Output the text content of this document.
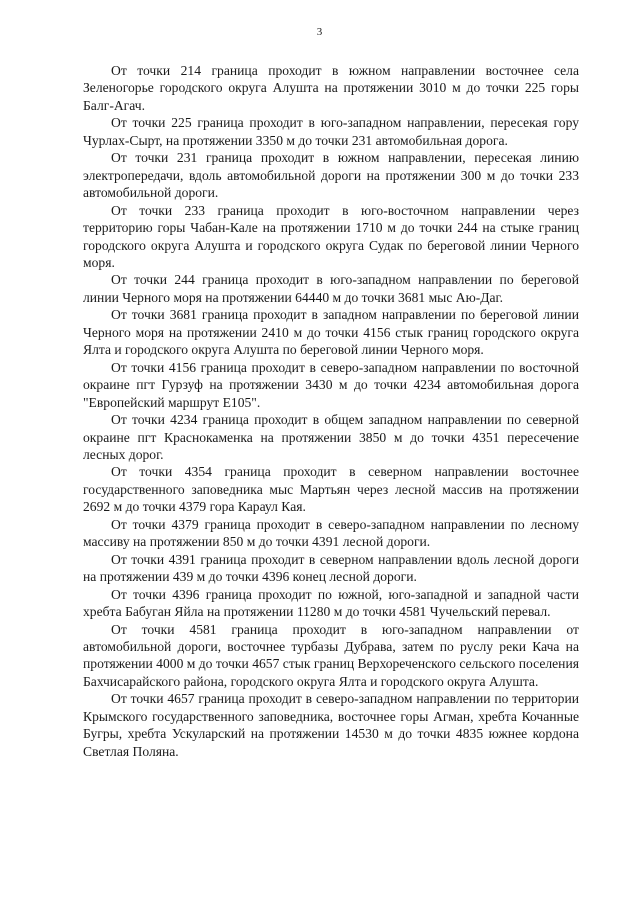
3

От точки 214 граница проходит в южном направлении восточнее села Зеленогорье городского округа Алушта на протяжении 3010 м до точки 225 горы Балг-Агач.

От точки 225 граница проходит в юго-западном направлении, пересекая гору Чурлах-Сырт, на протяжении 3350 м до точки 231 автомобильная дорога.

От точки 231 граница проходит в южном направлении, пересекая линию электропередачи, вдоль автомобильной дороги на протяжении 300 м до точки 233 автомобильной дороги.

От точки 233 граница проходит в юго-восточном направлении через территорию горы Чабан-Кале на протяжении 1710 м до точки 244 на стыке границ городского округа Алушта и городского округа Судак по береговой линии Черного моря.

От точки 244 граница проходит в юго-западном направлении по береговой линии Черного моря на протяжении 64440 м до точки 3681 мыс Аю-Даг.

От точки 3681 граница проходит в западном направлении по береговой линии Черного моря на протяжении 2410 м до точки 4156 стык границ городского округа Ялта и городского округа Алушта по береговой линии Черного моря.

От точки 4156 граница проходит в северо-западном направлении по восточной окраине пгт Гурзуф на протяжении 3430 м до точки 4234 автомобильная дорога "Европейский маршрут Е105".

От точки 4234 граница проходит в общем западном направлении по северной окраине пгт Краснокаменка на протяжении 3850 м до точки 4351 пересечение лесных дорог.

От точки 4354 граница проходит в северном направлении восточнее государственного заповедника мыс Мартьян через лесной массив на протяжении 2692 м до точки 4379 гора Караул Кая.

От точки 4379 граница проходит в северо-западном направлении по лесному массиву на протяжении 850 м до точки 4391 лесной дороги.

От точки 4391 граница проходит в северном направлении вдоль лесной дороги на протяжении 439 м до точки 4396 конец лесной дороги.

От точки 4396 граница проходит по южной, юго-западной и западной части хребта Бабуган Яйла на протяжении 11280 м до точки 4581 Чучельский перевал.

От точки 4581 граница проходит в юго-западном направлении от автомобильной дороги, восточнее турбазы Дубрава, затем по руслу реки Кача на протяжении 4000 м до точки 4657 стык границ Верхореченского сельского поселения Бахчисарайского района, городского округа Ялта и городского округа Алушта.

От точки 4657 граница проходит в северо-западном направлении по территории Крымского государственного заповедника, восточнее горы Агман, хребта Кочанные Бугры, хребта Ускуларский на протяжении 14530 м до точки 4835 южнее кордона Светлая Поляна.
